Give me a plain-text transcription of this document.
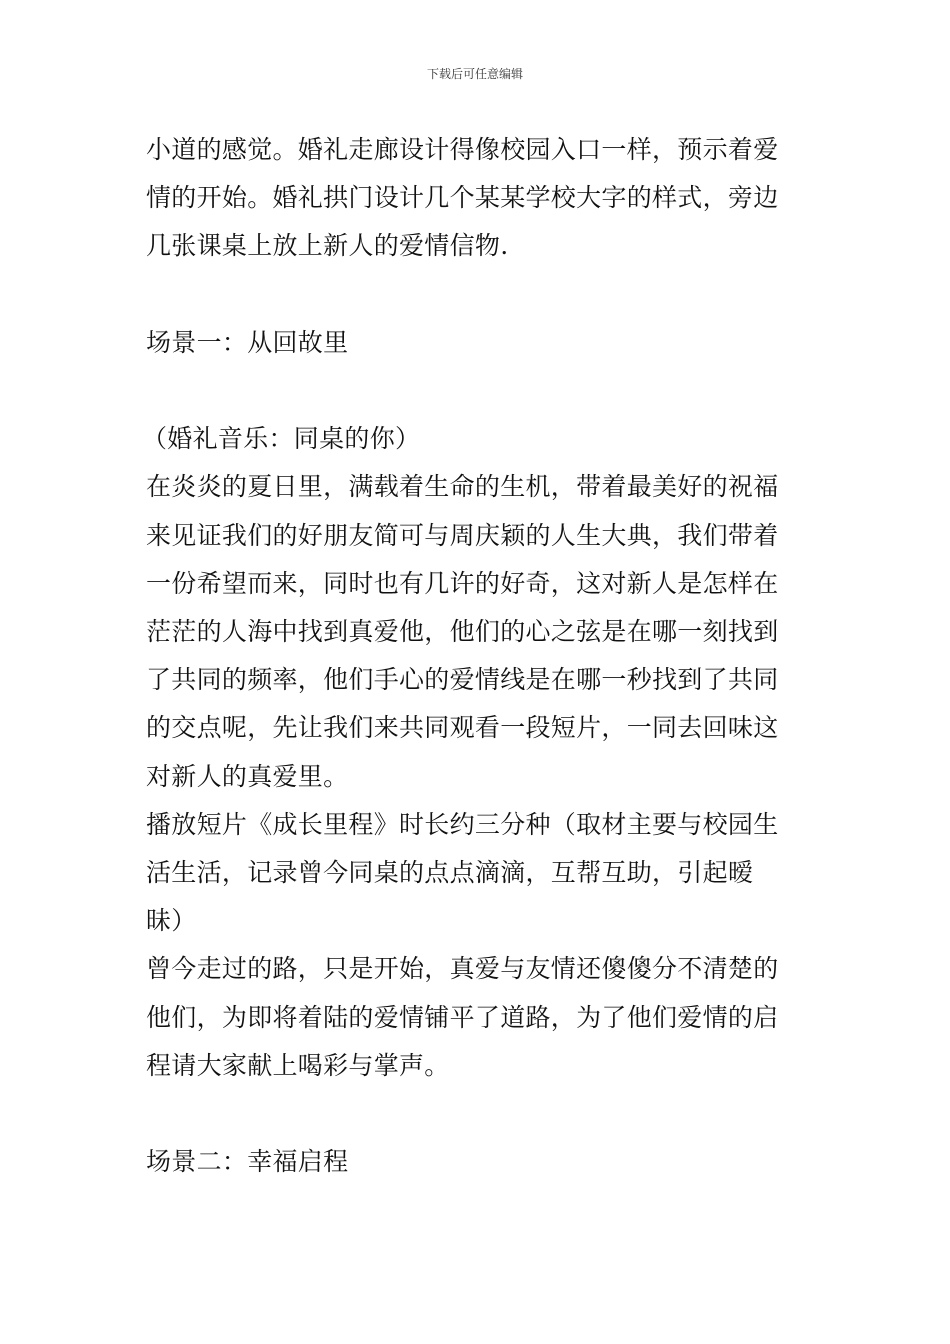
下载后可任意编辑
小道的感觉。婚礼走廊设计得像校园入口一样，预示着爱
情的开始。婚礼拱门设计几个某某学校大字的样式，旁边
几张课桌上放上新人的爱情信物.
场景一：从回故里
（婚礼音乐：同桌的你）
在炎炎的夏日里，满载着生命的生机，带着最美好的祝福
来见证我们的好朋友简可与周庆颖的人生大典，我们带着
一份希望而来，同时也有几许的好奇，这对新人是怎样在
茫茫的人海中找到真爱他，他们的心之弦是在哪一刻找到
了共同的频率，他们手心的爱情线是在哪一秒找到了共同
的交点呢，先让我们来共同观看一段短片，一同去回味这
对新人的真爱里。
播放短片《成长里程》时长约三分种（取材主要与校园生
活生活，记录曾今同桌的点点滴滴，互帮互助，引起暧
昧）
曾今走过的路，只是开始，真爱与友情还傻傻分不清楚的
他们，为即将着陆的爱情铺平了道路，为了他们爱情的启
程请大家献上喝彩与掌声。
场景二：幸福启程
